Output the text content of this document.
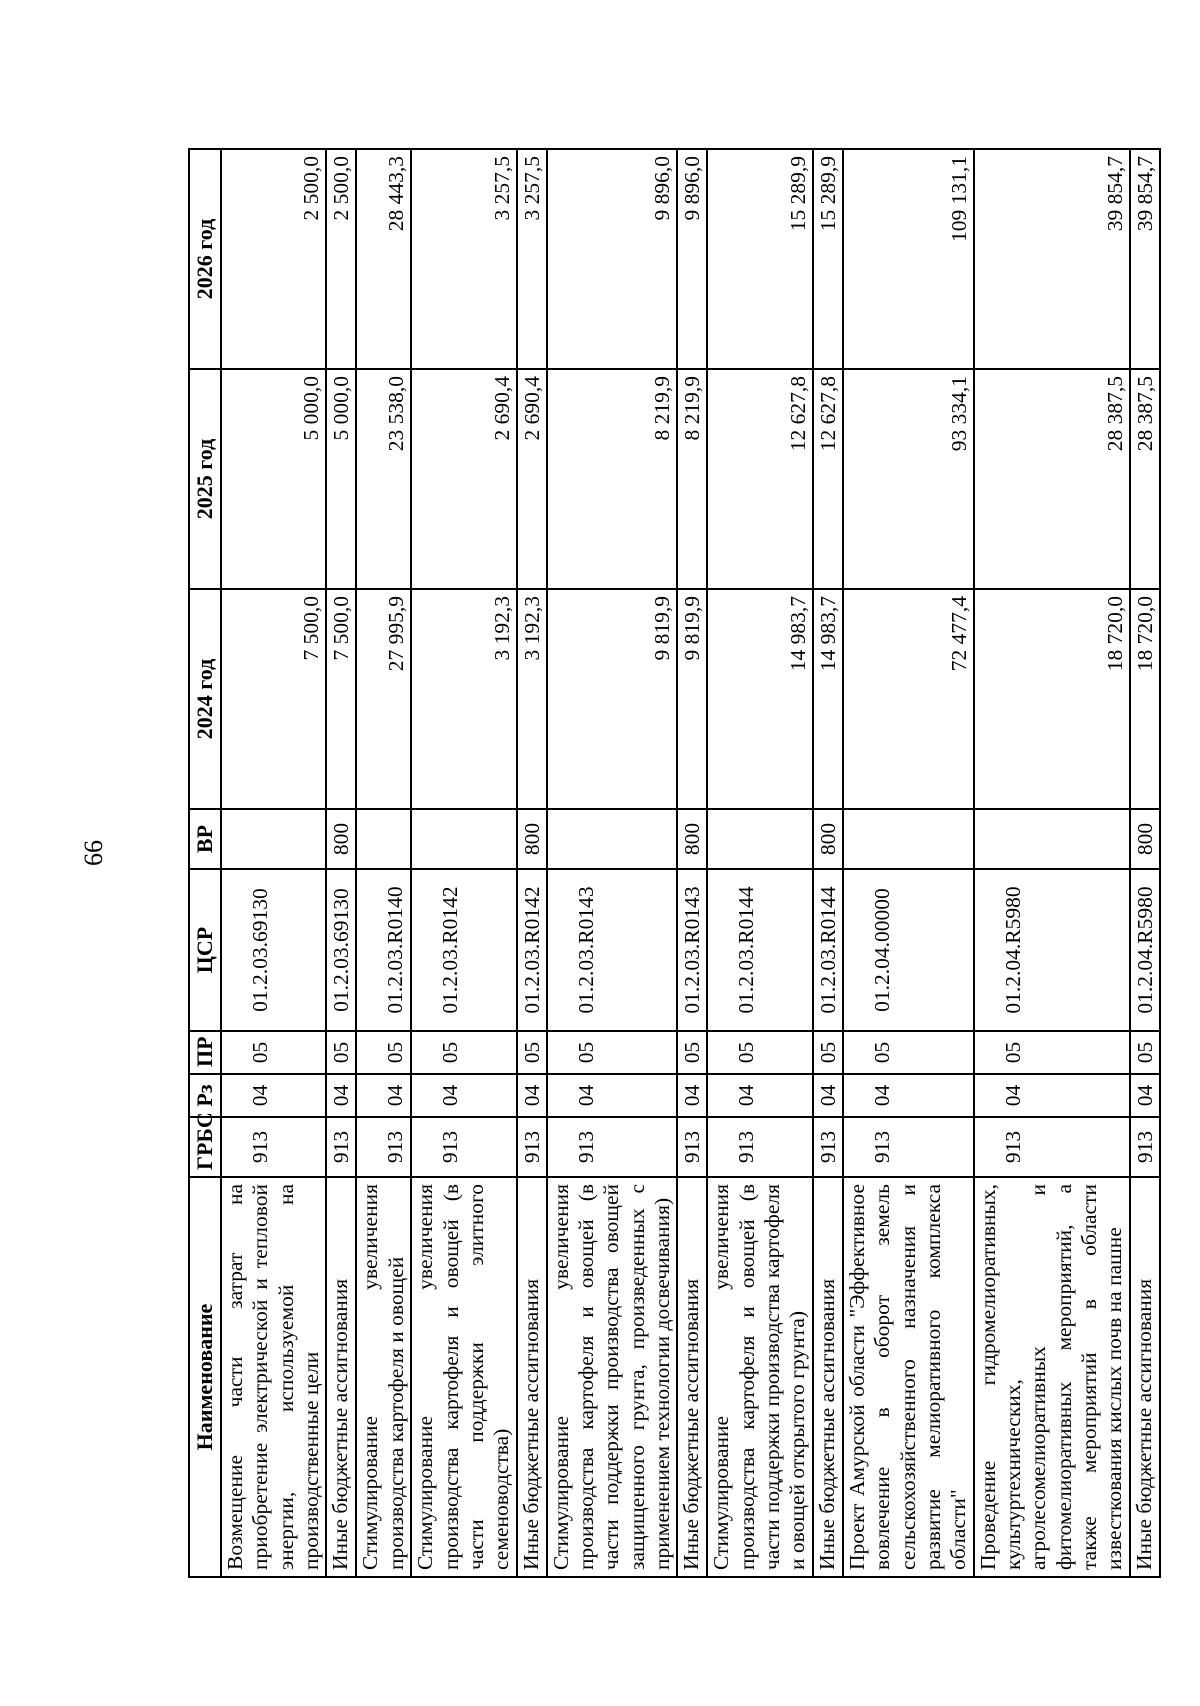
66
Наименование	ГРБС	Рз	ПР	ЦСР	ВР	2024 год	2025 год	2026 год
Возмещение части затрат на приобретение электрической и тепловой энергии, используемой на производственные цели	913	04	05	01.2.03.69130		7 500,0	5 000,0	2 500,0
Иные бюджетные ассигнования	913	04	05	01.2.03.69130	800	7 500,0	5 000,0	2 500,0
Стимулирование увеличения производства картофеля и овощей	913	04	05	01.2.03.R0140		27 995,9	23 538,0	28 443,3
Стимулирование увеличения производства картофеля и овощей (в части поддержки элитного семеноводства)	913	04	05	01.2.03.R0142		3 192,3	2 690,4	3 257,5
Иные бюджетные ассигнования	913	04	05	01.2.03.R0142	800	3 192,3	2 690,4	3 257,5
Стимулирование увеличения производства картофеля и овощей (в части поддержки производства овощей защищенного грунта, произведенных с применением технологии досвечивания)	913	04	05	01.2.03.R0143		9 819,9	8 219,9	9 896,0
Иные бюджетные ассигнования	913	04	05	01.2.03.R0143	800	9 819,9	8 219,9	9 896,0
Стимулирование увеличения производства картофеля и овощей (в части поддержки производства картофеля и овощей открытого грунта)	913	04	05	01.2.03.R0144		14 983,7	12 627,8	15 289,9
Иные бюджетные ассигнования	913	04	05	01.2.03.R0144	800	14 983,7	12 627,8	15 289,9
Проект Амурской области "Эффективное вовлечение в оборот земель сельскохозяйственного назначения и развитие мелиоративного комплекса области"	913	04	05	01.2.04.00000		72 477,4	93 334,1	109 131,1
Проведение гидромелиоративных, культуртехнических, агролесомелиоративных и фитомелиоративных мероприятий, а также мероприятий в области известкования кислых почв на пашне	913	04	05	01.2.04.R5980		18 720,0	28 387,5	39 854,7
Иные бюджетные ассигнования	913	04	05	01.2.04.R5980	800	18 720,0	28 387,5	39 854,7
